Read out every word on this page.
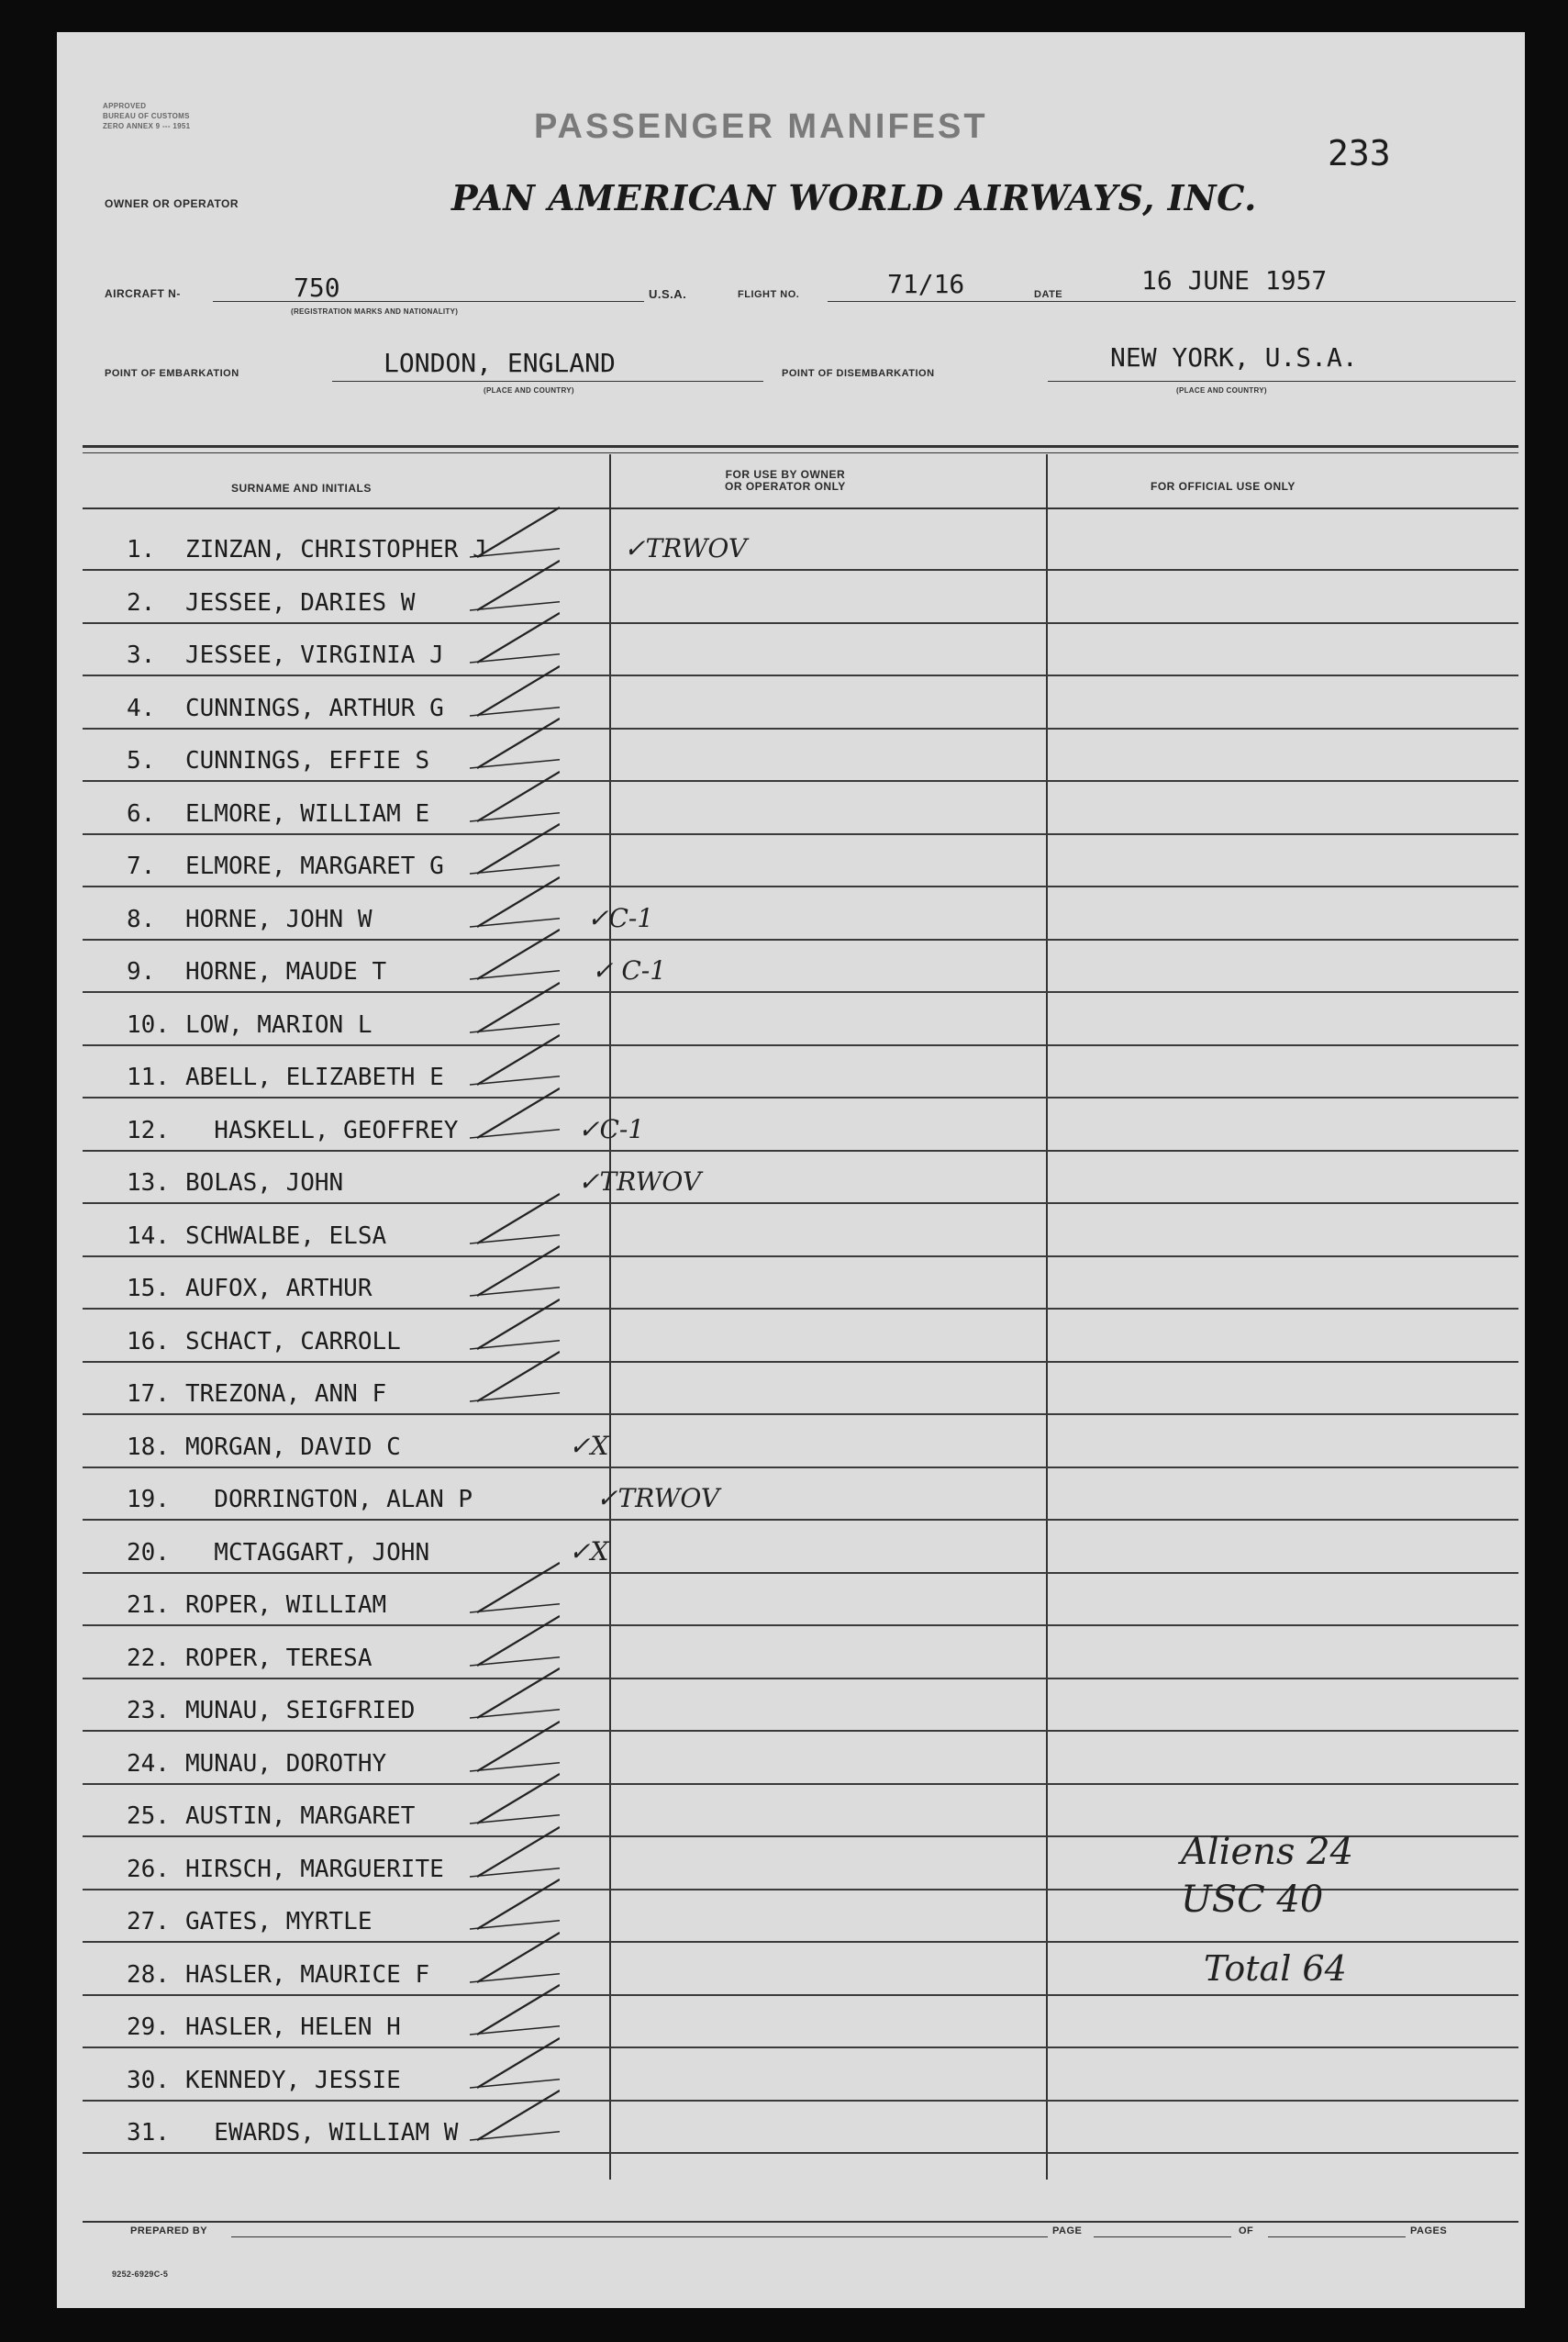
APPROVED
BUREAU OF CUSTOMS
ZERO ANNEX 9 --- 1951	PASSENGER MANIFEST
233
OWNER OR OPERATOR	PAN AMERICAN WORLD AIRWAYS, INC.
AIRCRAFT N-	750
(REGISTRATION MARKS AND NATIONALITY)
U.S.A.	FLIGHT NO.	71/16	DATE	16 JUNE 1957
POINT OF EMBARKATION	LONDON, ENGLAND
(PLACE AND COUNTRY)
POINT OF DISEMBARKATION
NEW YORK, U.S.A.
(PLACE AND COUNTRY)
SURNAME AND INITIALS
FOR USE BY OWNER
OR OPERATOR ONLY	FOR OFFICIAL USE ONLY
1. ZINZAN, CHRISTOPHER J	✓TRWOV
2. JESSEE, DARIES W
3. JESSEE, VIRGINIA J
4. CUNNINGS, ARTHUR G
5. CUNNINGS, EFFIE S
6. ELMORE, WILLIAM E
7. ELMORE, MARGARET G
8. HORNE, JOHN W	✓C-1
9. HORNE, MAUDE T	✓ C-1
10. LOW, MARION L
11. ABELL, ELIZABETH E
12. HASKELL, GEOFFREY	✓C-1
13. BOLAS, JOHN	✓TRWOV
14. SCHWALBE, ELSA
15. AUFOX, ARTHUR
16. SCHACT, CARROLL
17. TREZONA, ANN F
18. MORGAN, DAVID C	✓X
19. DORRINGTON, ALAN P	✓TRWOV
20. MCTAGGART, JOHN	✓X
21. ROPER, WILLIAM
22. ROPER, TERESA
23. MUNAU, SEIGFRIED
24. MUNAU, DOROTHY
25. AUSTIN, MARGARET
26. HIRSCH, MARGUERITE
27. GATES, MYRTLE
28. HASLER, MAURICE F
29. HASLER, HELEN H
30. KENNEDY, JESSIE
31. EWARDS, WILLIAM W
Aliens 24
USC 40
Total 64
PREPARED BY	PAGE	OF	PAGES
9252-6929C-5
